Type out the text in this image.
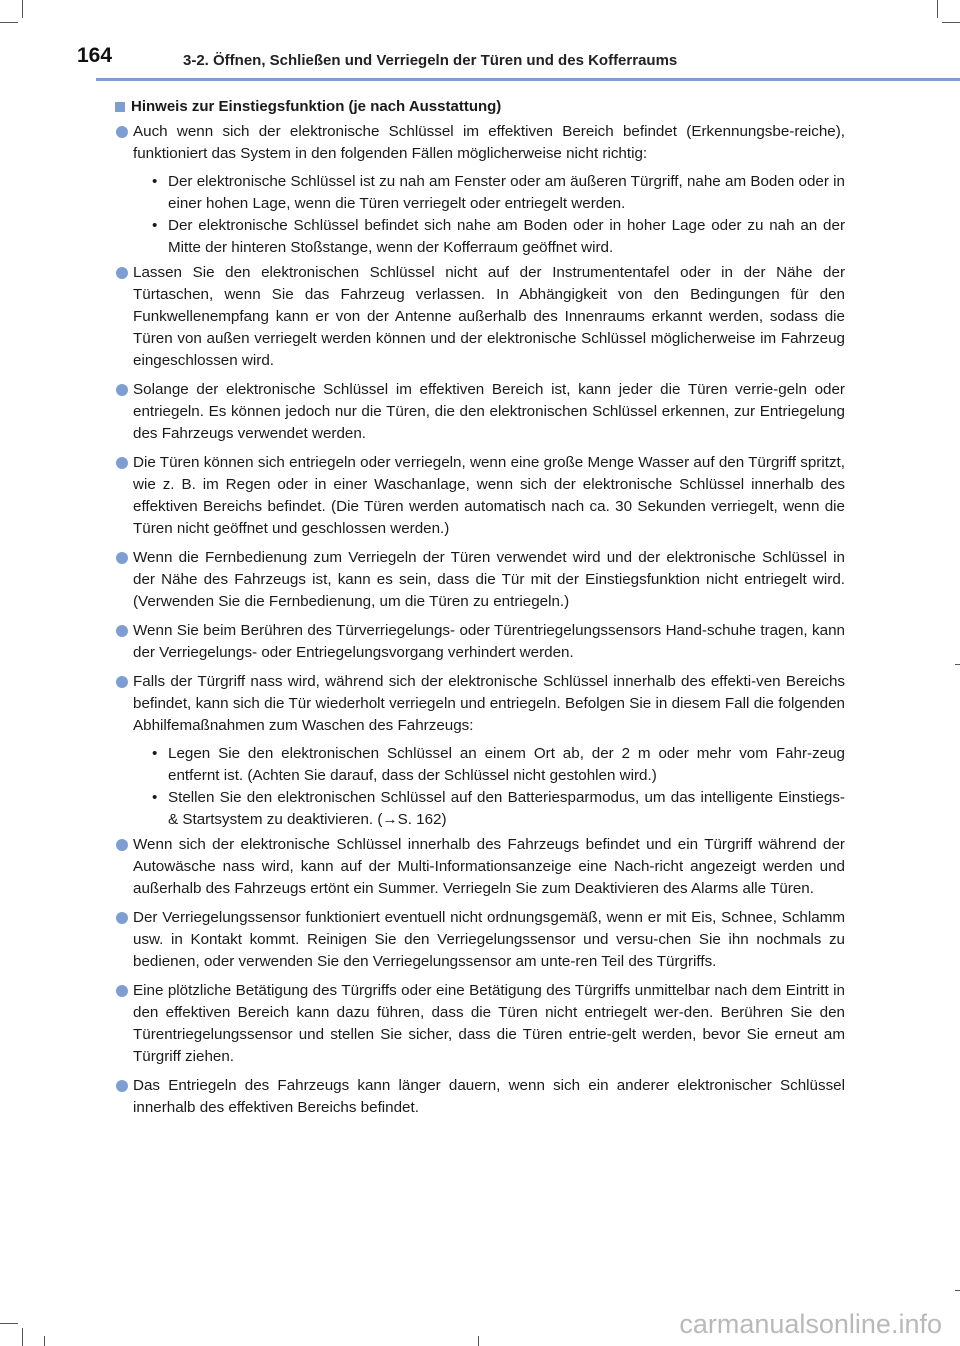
164	3-2. Öffnen, Schließen und Verriegeln der Türen und des Kofferraums
Hinweis zur Einstiegsfunktion (je nach Ausstattung)
Auch wenn sich der elektronische Schlüssel im effektiven Bereich befindet (Erkennungsbe-reiche), funktioniert das System in den folgenden Fällen möglicherweise nicht richtig:
• Der elektronische Schlüssel ist zu nah am Fenster oder am äußeren Türgriff, nahe am Boden oder in einer hohen Lage, wenn die Türen verriegelt oder entriegelt werden.
• Der elektronische Schlüssel befindet sich nahe am Boden oder in hoher Lage oder zu nah an der Mitte der hinteren Stoßstange, wenn der Kofferraum geöffnet wird.
Lassen Sie den elektronischen Schlüssel nicht auf der Instrumententafel oder in der Nähe der Türtaschen, wenn Sie das Fahrzeug verlassen. In Abhängigkeit von den Bedingungen für den Funkwellenempfang kann er von der Antenne außerhalb des Innenraums erkannt werden, sodass die Türen von außen verriegelt werden können und der elektronische Schlüssel möglicherweise im Fahrzeug eingeschlossen wird.
Solange der elektronische Schlüssel im effektiven Bereich ist, kann jeder die Türen verrie-geln oder entriegeln. Es können jedoch nur die Türen, die den elektronischen Schlüssel erkennen, zur Entriegelung des Fahrzeugs verwendet werden.
Die Türen können sich entriegeln oder verriegeln, wenn eine große Menge Wasser auf den Türgriff spritzt, wie z. B. im Regen oder in einer Waschanlage, wenn sich der elektronische Schlüssel innerhalb des effektiven Bereichs befindet. (Die Türen werden automatisch nach ca. 30 Sekunden verriegelt, wenn die Türen nicht geöffnet und geschlossen werden.)
Wenn die Fernbedienung zum Verriegeln der Türen verwendet wird und der elektronische Schlüssel in der Nähe des Fahrzeugs ist, kann es sein, dass die Tür mit der Einstiegsfunktion nicht entriegelt wird. (Verwenden Sie die Fernbedienung, um die Türen zu entriegeln.)
Wenn Sie beim Berühren des Türverriegelungs- oder Türentriegelungssensors Hand-schuhe tragen, kann der Verriegelungs- oder Entriegelungsvorgang verhindert werden.
Falls der Türgriff nass wird, während sich der elektronische Schlüssel innerhalb des effekti-ven Bereichs befindet, kann sich die Tür wiederholt verriegeln und entriegeln. Befolgen Sie in diesem Fall die folgenden Abhilfemaßnahmen zum Waschen des Fahrzeugs:
• Legen Sie den elektronischen Schlüssel an einem Ort ab, der 2 m oder mehr vom Fahr-zeug entfernt ist. (Achten Sie darauf, dass der Schlüssel nicht gestohlen wird.)
• Stellen Sie den elektronischen Schlüssel auf den Batteriesparmodus, um das intelligente Einstiegs- & Startsystem zu deaktivieren. (→S. 162)
Wenn sich der elektronische Schlüssel innerhalb des Fahrzeugs befindet und ein Türgriff während der Autowäsche nass wird, kann auf der Multi-Informationsanzeige eine Nach-richt angezeigt werden und außerhalb des Fahrzeugs ertönt ein Summer. Verriegeln Sie zum Deaktivieren des Alarms alle Türen.
Der Verriegelungssensor funktioniert eventuell nicht ordnungsgemäß, wenn er mit Eis, Schnee, Schlamm usw. in Kontakt kommt. Reinigen Sie den Verriegelungssensor und versu-chen Sie ihn nochmals zu bedienen, oder verwenden Sie den Verriegelungssensor am unte-ren Teil des Türgriffs.
Eine plötzliche Betätigung des Türgriffs oder eine Betätigung des Türgriffs unmittelbar nach dem Eintritt in den effektiven Bereich kann dazu führen, dass die Türen nicht entriegelt wer-den. Berühren Sie den Türentriegelungssensor und stellen Sie sicher, dass die Türen entrie-gelt werden, bevor Sie erneut am Türgriff ziehen.
Das Entriegeln des Fahrzeugs kann länger dauern, wenn sich ein anderer elektronischer Schlüssel innerhalb des effektiven Bereichs befindet.
carmanualsonline.info
